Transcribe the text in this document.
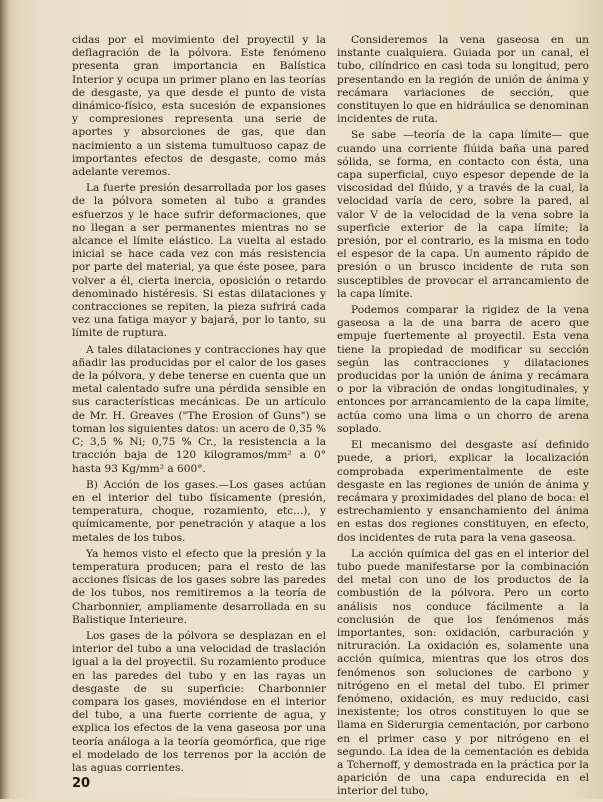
cidas por el movimiento del proyectil y la deflagración de la pólvora. Este fenómeno presenta gran importancia en Balística Interior y ocupa un primer plano en las teorías de desgaste, ya que desde el punto de vista dinámico-físico, esta sucesión de expansiones y compresiones representa una serie de aportes y absorciones de gas, que dan nacimiento a un sistema tumultuoso capaz de importantes efectos de desgaste, como más adelante veremos.

La fuerte presión desarrollada por los gases de la pólvora someten al tubo a grandes esfuerzos y le hace sufrir deformaciones, que no llegan a ser permanentes mientras no se alcance el límite elástico. La vuelta al estado inicial se hace cada vez con más resistencia por parte del material, ya que éste posee, para volver a él, cierta inercia, oposición o retardo denominado histéresis. Si estas dilataciones y contracciones se repiten, la pieza sufrirá cada vez una fatiga mayor y bajará, por lo tanto, su límite de ruptura.

A tales dilataciones y contracciones hay que añadir las producidas por el calor de los gases de la pólvora, y debe tenerse en cuenta que un metal calentado sufre una pérdida sensible en sus características mecánicas. De un artículo de Mr. H. Greaves ("The Erosion of Guns") se toman los siguientes datos: un acero de 0,35 % C; 3,5 % Ni; 0,75 % Cr., la resistencia a la tracción baja de 120 kilogramos/mm² a 0° hasta 93 Kg/mm² a 600°.

B) Acción de los gases.—Los gases actúan en el interior del tubo físicamente (presión, temperatura, choque, rozamiento, etc...), y químicamente, por penetración y ataque a los metales de los tubos.

Ya hemos visto el efecto que la presión y la temperatura producen; para el resto de las acciones físicas de los gases sobre las paredes de los tubos, nos remitiremos a la teoría de Charbonnier, ampliamente desarrollada en su Balistique Interieure.

Los gases de la pólvora se desplazan en el interior del tubo a una velocidad de traslación igual a la del proyectil. Su rozamiento produce en las paredes del tubo y en las rayas un desgaste de su superficie: Charbonnier compara los gases, moviéndose en el interior del tubo, a una fuerte corriente de agua, y explica los efectos de la vena gaseosa por una teoría análoga a la teoría geomórfica, que rige el modelado de los terrenos por la acción de las aguas corrientes.

Consideremos la vena gaseosa en un instante cualquiera. Guiada por un canal, el tubo, cilíndrico en casi toda su longitud, pero presentando en la región de unión de ánima y recámara variaciones de sección, que constituyen lo que en hidráulica se denominan incidentes de ruta.

Se sabe —teoría de la capa límite— que cuando una corriente flúida baña una pared sólida, se forma, en contacto con ésta, una capa superficial, cuyo espesor depende de la viscosidad del flúido, y a través de la cual, la velocidad varía de cero, sobre la pared, al valor V de la velocidad de la vena sobre la superficie exterior de la capa límite; la presión, por el contrario, es la misma en todo el espesor de la capa. Un aumento rápido de presión o un brusco incidente de ruta son susceptibles de provocar el arrancamiento de la capa límite.

Podemos comparar la rigidez de la vena gaseosa a la de una barra de acero que empuje fuertemente al proyectil. Esta vena tiene la propiedad de modificar su sección según las contracciones y dilataciones producidas por la unión de ánima y recámara o por la vibración de ondas longitudinales, y entonces por arrancamiento de la capa límite, actúa como una lima o un chorro de arena soplado.

El mecanismo del desgaste así definido puede, a priori, explicar la localización comprobada experimentalmente de este desgaste en las regiones de unión de ánima y recámara y proximidades del plano de boca: el estrechamiento y ensanchamiento del ánima en estas dos regiones constituyen, en efecto, dos incidentes de ruta para la vena gaseosa.

La acción química del gas en el interior del tubo puede manifestarse por la combinación del metal con uno de los productos de la combustión de la pólvora. Pero un corto análisis nos conduce fácilmente a la conclusión de que los fenómenos más importantes, son: oxidación, carburación y nitruración. La oxidación es, solamente una acción química, mientras que los otros dos fenómenos son soluciones de carbono y nitrógeno en el metal del tubo. El primer fenómeno, oxidación, es muy reducido, casi inexistente; los otros constituyen lo que se llama en Siderurgia cementación, por carbono en el primer caso y por nitrógeno en el segundo. La idea de la cementación es debida a Tchernoff, y demostrada en la práctica por la aparición de una capa endurecida en el interior del tubo,

20
